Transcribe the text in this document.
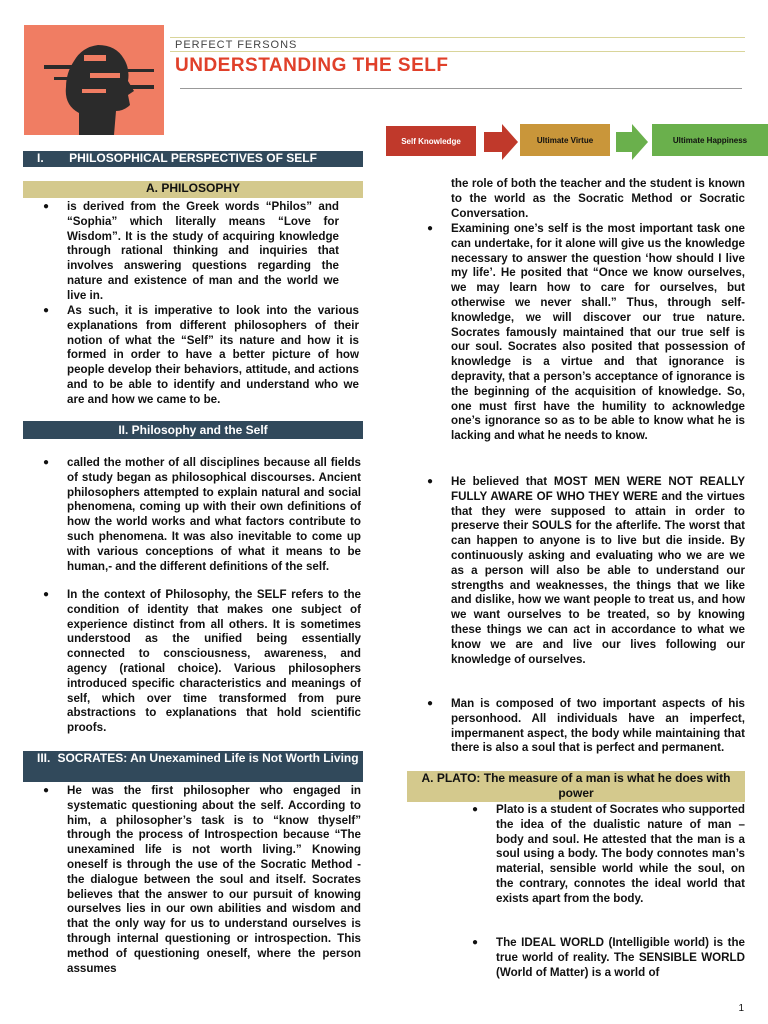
PERFECT FERSONS
UNDERSTANDING THE SELF
Self Knowledge	Ultimate Virtue	Ultimate Happiness
I. PHILOSOPHICAL PERSPECTIVES OF SELF
A. PHILOSOPHY

● is derived from the Greek words “Philos” and “Sophia” which literally means “Love for Wisdom”. It is the study of acquiring knowledge through rational thinking and inquiries that involves answering questions regarding the nature and existence of man and the world we live in.

● As such, it is imperative to look into the various explanations from different philosophers of their notion of what the “Self” its nature and how it is formed in order to have a better picture of how people develop their behaviors, attitude, and actions and to be able to identify and understand who we are and how we came to be.

II. Philosophy and the Self

● called the mother of all disciplines because all fields of study began as philosophical discourses. Ancient philosophers attempted to explain natural and social phenomena, coming up with their own definitions of how the world works and what factors contribute to such phenomena. It was also inevitable to come up with various conceptions of what it means to be human,- and the different definitions of the self.

● In the context of Philosophy, the SELF refers to the condition of identity that makes one subject of experience distinct from all others. It is sometimes understood as the unified being essentially connected to consciousness, awareness, and agency (rational choice). Various philosophers introduced specific characteristics and meanings of self, which over time transformed from pure abstractions to explanations that hold scientific proofs.

III. SOCRATES: An Unexamined Life is Not Worth Living

● He was the first philosopher who engaged in systematic questioning about the self. According to him, a philosopher’s task is to “know thyself” through the process of Introspection because “The unexamined life is not worth living.” Knowing oneself is through the use of the Socratic Method - the dialogue between the soul and itself. Socrates believes that the answer to our pursuit of knowing ourselves lies in our own abilities and wisdom and that the only way for us to understand ourselves is through internal questioning or introspection. This method of questioning oneself, where the person assumes

the role of both the teacher and the student is known to the world as the Socratic Method or Socratic Conversation.

● Examining one’s self is the most important task one can undertake, for it alone will give us the knowledge necessary to answer the question ‘how should I live my life’. He posited that “Once we know ourselves, we may learn how to care for ourselves, but otherwise we never shall.” Thus, through self-knowledge, we will discover our true nature. Socrates famously maintained that our true self is our soul. Socrates also posited that possession of knowledge is a virtue and that ignorance is depravity, that a person’s acceptance of ignorance is the beginning of the acquisition of knowledge. So, one must first have the humility to acknowledge one’s ignorance so as to be able to know what he is lacking and what he needs to know.

● He believed that MOST MEN WERE NOT REALLY FULLY AWARE OF WHO THEY WERE and the virtues that they were supposed to attain in order to preserve their SOULS for the afterlife. The worst that can happen to anyone is to live but die inside. By continuously asking and evaluating who we are we as a person will also be able to understand our strengths and weaknesses, the things that we like and dislike, how we want people to treat us, and how we want ourselves to be treated, so by knowing these things we can act in accordance to what we know we are and live our lives following our knowledge of ourselves.

● Man is composed of two important aspects of his personhood. All individuals have an imperfect, impermanent aspect, the body while maintaining that there is also a soul that is perfect and permanent.

A. PLATO: The measure of a man is what he does with power

● Plato is a student of Socrates who supported the idea of the dualistic nature of man – body and soul. He attested that the man is a soul using a body. The body connotes man’s material, sensible world while the soul, on the contrary, connotes the ideal world that exists apart from the body.

● The IDEAL WORLD (Intelligible world) is the true world of reality. The SENSIBLE WORLD (World of Matter) is a world of

1
